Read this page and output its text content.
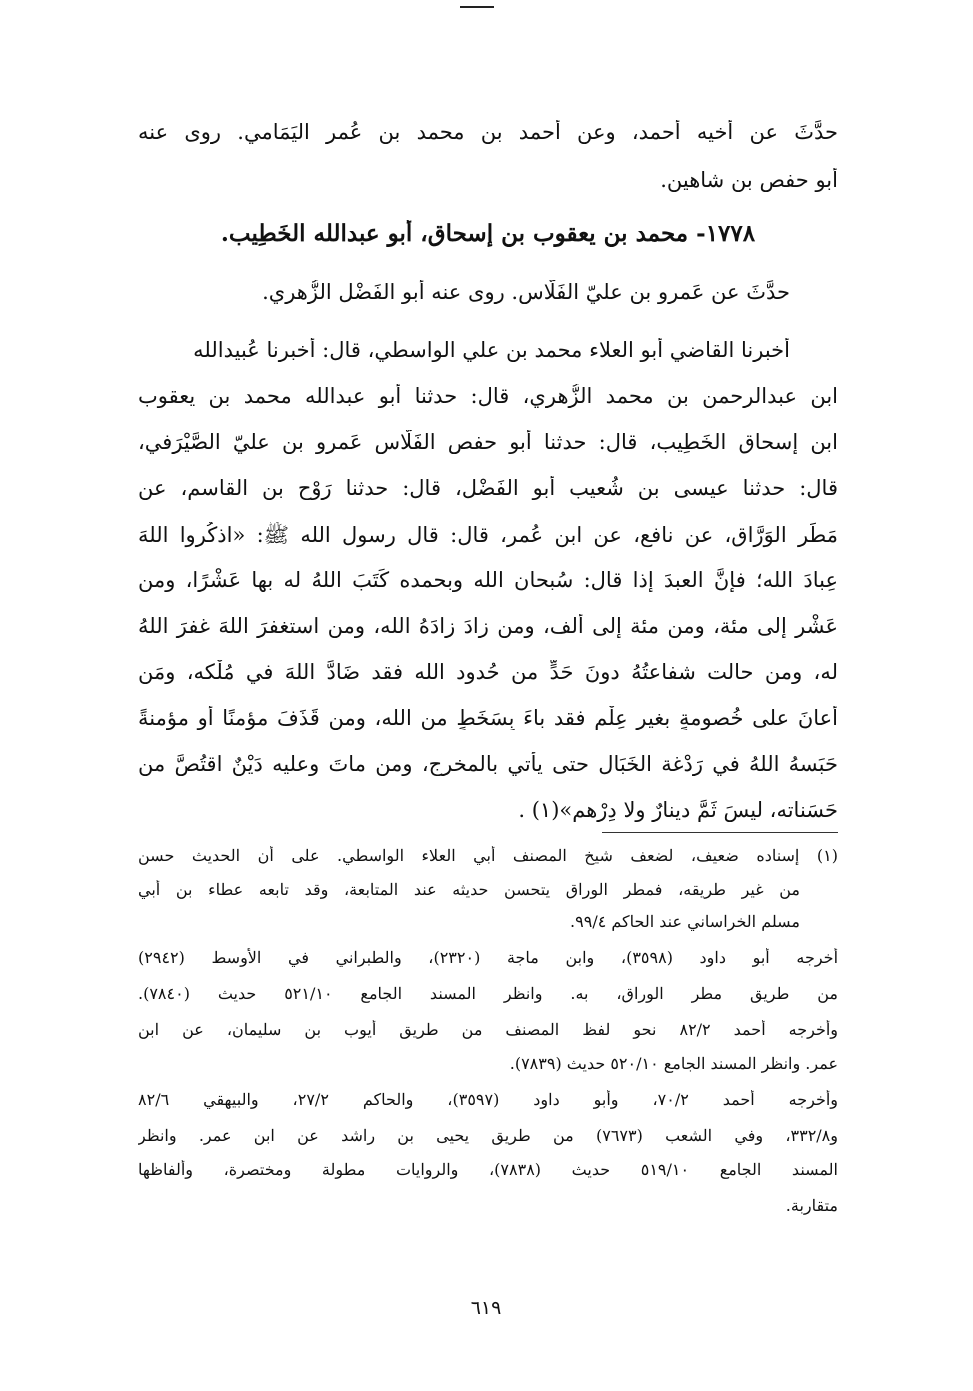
حدَّثَ عن أخيه أحمد، وعن أحمد بن محمد بن عُمر اليَمَامي. روى عنه
أبو حفص بن شاهين.
١٧٧٨- محمد بن يعقوب بن إسحاق، أبو عبدالله الخَطِيب.
حدَّثَ عن عَمرو بن عليّ الفَلّاس. روى عنه أبو الفَضْل الزُّهري.
أخبرنا القاضي أبو العلاء محمد بن علي الواسطي، قال: أخبرنا عُبيدالله
ابن عبدالرحمن بن محمد الزُّهري، قال: حدثنا أبو عبدالله محمد بن يعقوب
ابن إسحاق الخَطِيب، قال: حدثنا أبو حفص الفَلَّاس عَمرو بن عليّ الصَّيْرَفي،
قال: حدثنا عيسى بن شُعيب أبو الفَضْل، قال: حدثنا رَوْح بن القاسم، عن
مَطَر الوَرَّاق، عن نافع، عن ابن عُمر، قال: قال رسول الله ﷺ: «اذكُروا اللهَ
عِبادَ الله؛ فإنَّ العبدَ إذا قال: سُبحان الله وبحمده كَتَبَ اللهُ له بها عَشْرًا، ومن
عَشْر إلى مئة، ومن مئة إلى ألف، ومن زادَ زادَهُ الله، ومن استغفرَ اللهَ غفرَ اللهُ
له، ومن حالت شفاعتُهُ دونَ حَدٍّ من حُدود الله فقد ضَادَّ اللهَ في مُلْكه، ومَن
أعانَ على خُصومةٍ بغيرِ عِلْمٍ فقد باءَ بِسَخَطٍ من الله، ومن قَذَفَ مؤمنًا أو مؤمنةً
حَبَسهُ اللهُ في رَدْغة الخَبَال حتى يأتي بالمخرج، ومن ماتَ وعليه دَيْنٌ اقتُصَّ من
حَسَناته، ليسَ ثَمَّ دينارٌ ولا دِرْهم»(١) .
(١) إسناده ضعيف، لضعف شيخ المصنف أبي العلاء الواسطي. على أن الحديث حسن
من غير طريقه، فمطر الوراق يتحسن حديثه عند المتابعة، وقد تابعه عطاء بن أبي
مسلم الخراساني عند الحاكم ٩٩/٤.
أخرجه أبو داود (٣٥٩٨)، وابن ماجة (٢٣٢٠)، والطبراني في الأوسط (٢٩٤٢)
من طريق مطر الوراق، به. وانظر المسند الجامع ٥٢١/١٠ حديث (٧٨٤٠).
وأخرجه أحمد ٨٢/٢ نحو لفظ المصنف من طريق أيوب بن سليمان، عن ابن
عمر. وانظر المسند الجامع ٥٢٠/١٠ حديث (٧٨٣٩).
وأخرجه أحمد ٧٠/٢، وأبو داود (٣٥٩٧)، والحاكم ٢٧/٢، والبيهقي ٨٢/٦
و٣٣٢/٨، وفي الشعب (٧٦٧٣) من طريق يحيى بن راشد عن ابن عمر. وانظر
المسند الجامع ٥١٩/١٠ حديث (٧٨٣٨)، والروايات مطولة ومختصرة، وألفاظها
متقاربة.
٦١٩
